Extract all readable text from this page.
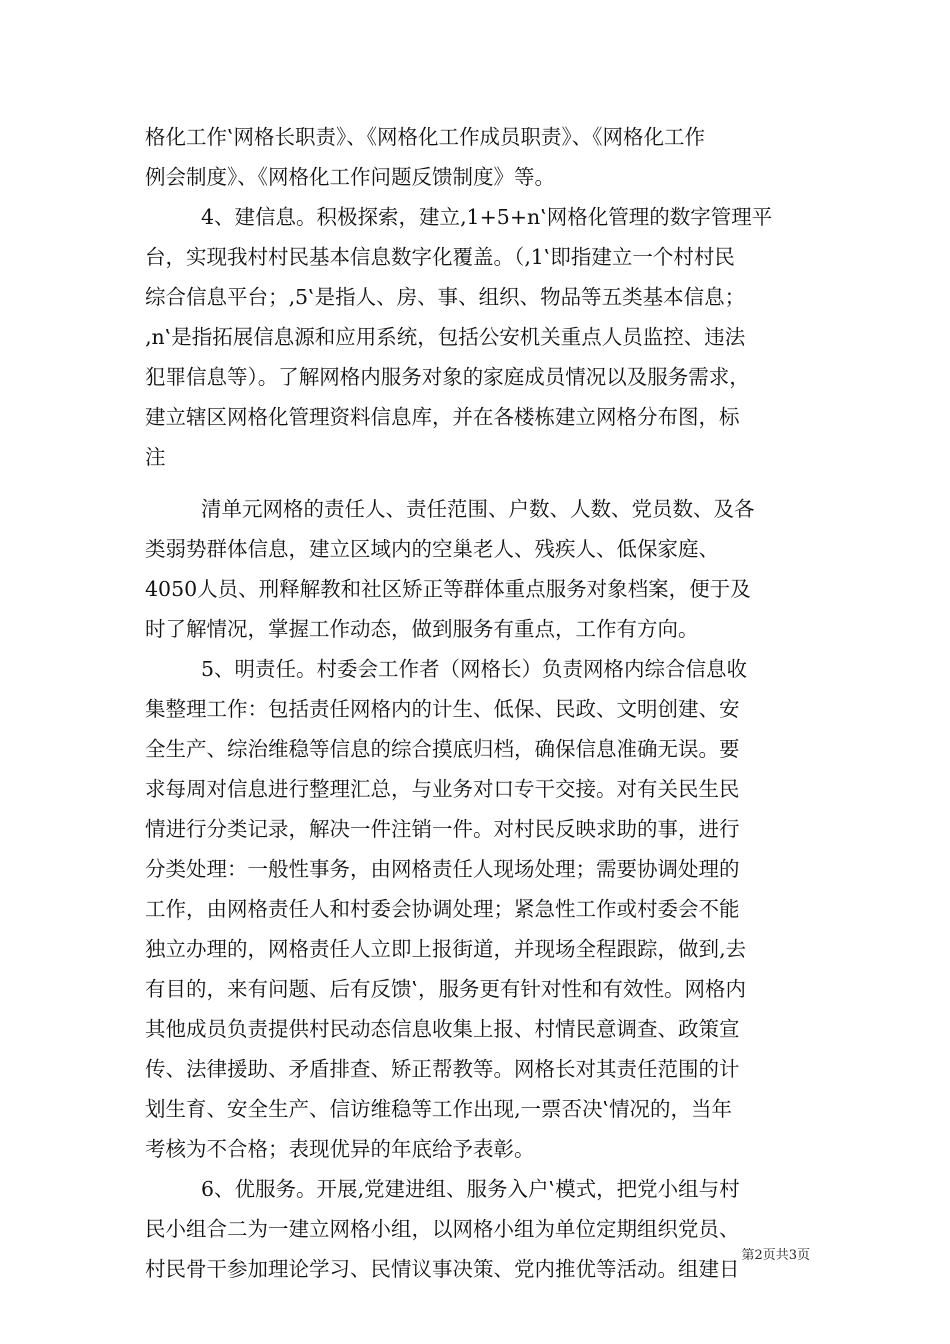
格化工作‛网格长职责》、《网格化工作成员职责》、《网格化工作
例会制度》、《网格化工作问题反馈制度》等。
4、建信息。积极探索，建立‚1+5+n‛网格化管理的数字管理平
台，实现我村村民基本信息数字化覆盖。（‚1‛即指建立一个村村民
综合信息平台；‚5‛是指人、房、事、组织、物品等五类基本信息；
‚n‛是指拓展信息源和应用系统，包括公安机关重点人员监控、违法
犯罪信息等）。了解网格内服务对象的家庭成员情况以及服务需求，
建立辖区网格化管理资料信息库，并在各楼栋建立网格分布图，标
注
清单元网格的责任人、责任范围、户数、人数、党员数、及各
类弱势群体信息，建立区域内的空巢老人、残疾人、低保家庭、
4050人员、刑释解教和社区矫正等群体重点服务对象档案，便于及
时了解情况，掌握工作动态，做到服务有重点，工作有方向。
5、明责任。村委会工作者（网格长）负责网格内综合信息收
集整理工作：包括责任网格内的计生、低保、民政、文明创建、安
全生产、综治维稳等信息的综合摸底归档，确保信息准确无误。要
求每周对信息进行整理汇总，与业务对口专干交接。对有关民生民
情进行分类记录，解决一件注销一件。对村民反映求助的事，进行
分类处理：一般性事务，由网格责任人现场处理；需要协调处理的
工作，由网格责任人和村委会协调处理；紧急性工作或村委会不能
独立办理的，网格责任人立即上报街道，并现场全程跟踪，做到‚去
有目的，来有问题、后有反馈‛，服务更有针对性和有效性。网格内
其他成员负责提供村民动态信息收集上报、村情民意调查、政策宣
传、法律援助、矛盾排查、矫正帮教等。网格长对其责任范围的计
划生育、安全生产、信访维稳等工作出现‚一票否决‛情况的，当年
考核为不合格；表现优异的年底给予表彰。
6、优服务。开展‚党建进组、服务入户‛模式，把党小组与村
民小组合二为一建立网格小组，以网格小组为单位定期组织党员、
村民骨干参加理论学习、民情议事决策、党内推优等活动。组建日
第2页共3页
